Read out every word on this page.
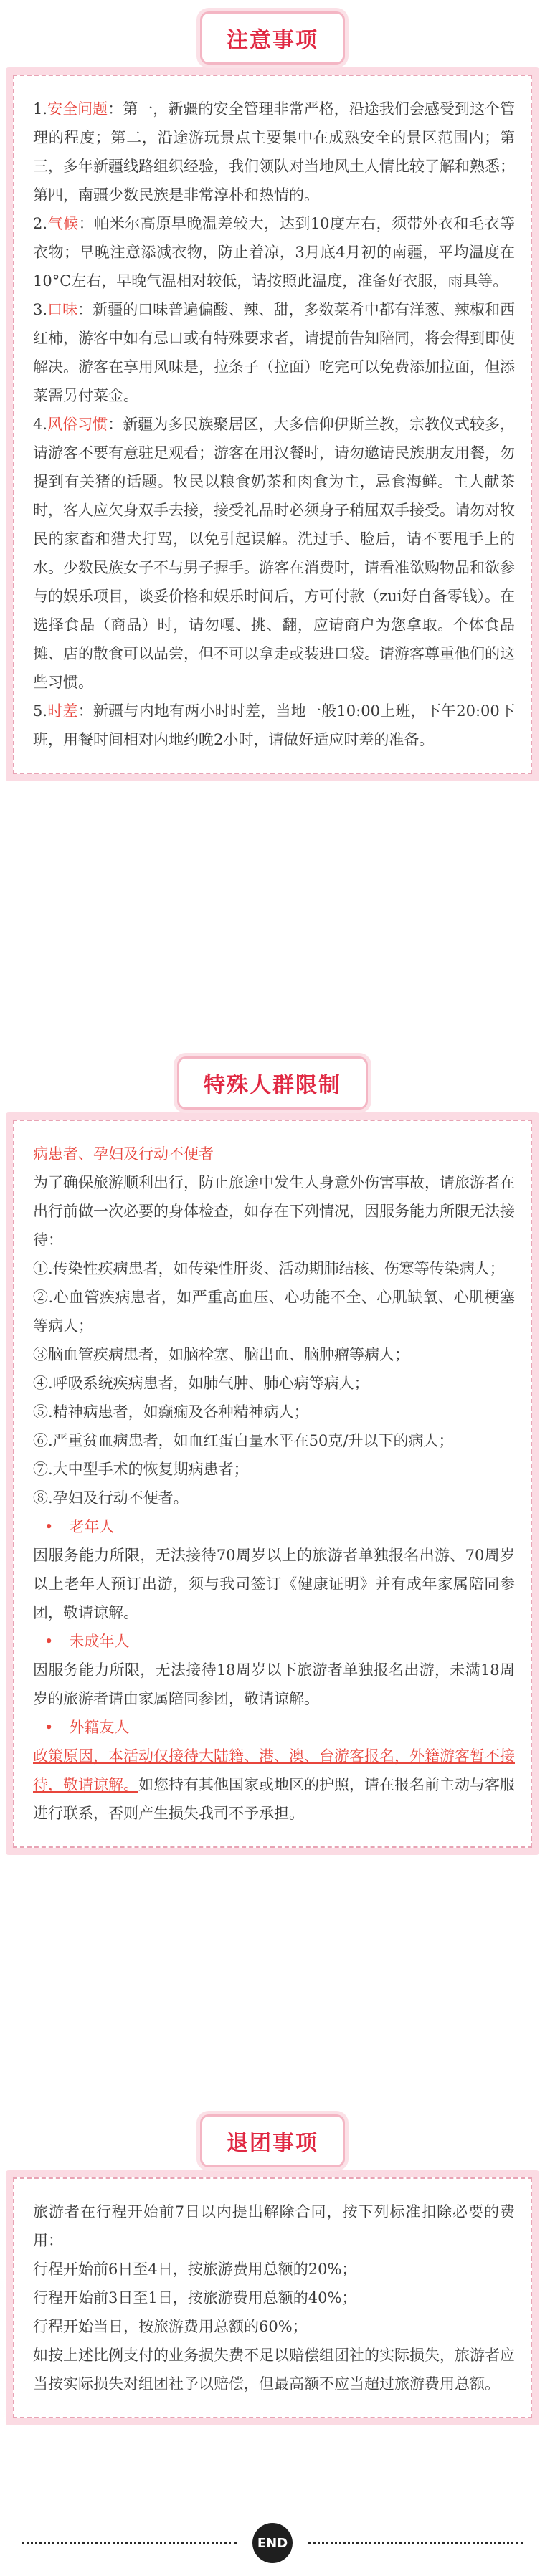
注意事项

1.安全问题：第一，新疆的安全管理非常严格，沿途我们会感受到这个管理的程度；第二，沿途游玩景点主要集中在成熟安全的景区范围内；第三，多年新疆线路组织经验，我们领队对当地风土人情比较了解和熟悉；第四，南疆少数民族是非常淳朴和热情的。

2.气候：帕米尔高原早晚温差较大，达到10度左右，须带外衣和毛衣等衣物；早晚注意添减衣物，防止着凉，3月底4月初的南疆，平均温度在10°C左右，早晚气温相对较低，请按照此温度，准备好衣服，雨具等。

3.口味：新疆的口味普遍偏酸、辣、甜，多数菜肴中都有洋葱、辣椒和西红柿，游客中如有忌口或有特殊要求者，请提前告知陪同，将会得到即使解决。游客在享用风味是，拉条子（拉面）吃完可以免费添加拉面，但添菜需另付菜金。

4.风俗习惯：新疆为多民族聚居区，大多信仰伊斯兰教，宗教仪式较多，请游客不要有意驻足观看；游客在用汉餐时，请勿邀请民族朋友用餐，勿提到有关猪的话题。牧民以粮食奶茶和肉食为主，忌食海鲜。主人献茶时，客人应欠身双手去接，接受礼品时必须身子稍屈双手接受。请勿对牧民的家畜和猎犬打骂，以免引起误解。洗过手、脸后，请不要甩手上的水。少数民族女子不与男子握手。游客在消费时，请看准欲购物品和欲参与的娱乐项目，谈妥价格和娱乐时间后，方可付款（zui好自备零钱）。在选择食品（商品）时，请勿嘎、挑、翻，应请商户为您拿取。个体食品摊、店的散食可以品尝，但不可以拿走或装进口袋。请游客尊重他们的这些习惯。

5.时差：新疆与内地有两小时时差，当地一般10:00上班，下午20:00下班，用餐时间相对内地约晚2小时，请做好适应时差的准备。

特殊人群限制

病患者、孕妇及行动不便者

为了确保旅游顺利出行，防止旅途中发生人身意外伤害事故，请旅游者在出行前做一次必要的身体检查，如存在下列情况，因服务能力所限无法接待：

①.传染性疾病患者，如传染性肝炎、活动期肺结核、伤寒等传染病人；

②.心血管疾病患者，如严重高血压、心功能不全、心肌缺氧、心肌梗塞等病人；

③脑血管疾病患者，如脑栓塞、脑出血、脑肿瘤等病人；

④.呼吸系统疾病患者，如肺气肿、肺心病等病人；

⑤.精神病患者，如癫痫及各种精神病人；

⑥.严重贫血病患者，如血红蛋白量水平在50克/升以下的病人；

⑦.大中型手术的恢复期病患者；

⑧.孕妇及行动不便者。

• 老年人

因服务能力所限，无法接待70周岁以上的旅游者单独报名出游、70周岁以上老年人预订出游，须与我司签订《健康证明》并有成年家属陪同参团，敬请谅解。

• 未成年人

因服务能力所限，无法接待18周岁以下旅游者单独报名出游，未满18周岁的旅游者请由家属陪同参团，敬请谅解。

• 外籍友人

政策原因，本活动仅接待大陆籍、港、澳、台游客报名，外籍游客暂不接待，敬请谅解。如您持有其他国家或地区的护照，请在报名前主动与客服进行联系，否则产生损失我司不予承担。

退团事项

旅游者在行程开始前7日以内提出解除合同，按下列标准扣除必要的费用：

行程开始前6日至4日，按旅游费用总额的20%；

行程开始前3日至1日，按旅游费用总额的40%；

行程开始当日，按旅游费用总额的60%；

如按上述比例支付的业务损失费不足以赔偿组团社的实际损失，旅游者应当按实际损失对组团社予以赔偿，但最高额不应当超过旅游费用总额。

END
